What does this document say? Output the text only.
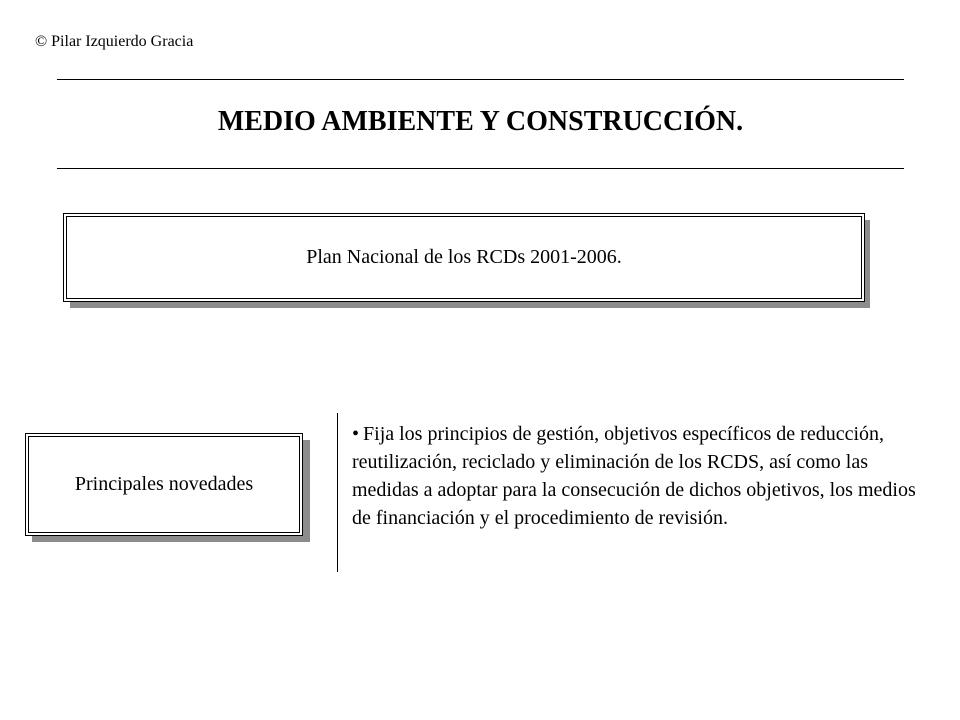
© Pilar Izquierdo Gracia
MEDIO AMBIENTE Y CONSTRUCCIÓN.
Plan Nacional de los RCDs 2001-2006.
Principales novedades
• Fija los principios de gestión, objetivos específicos de reducción, reutilización, reciclado y eliminación de los RCDS, así como las medidas a adoptar para la consecución de dichos objetivos, los medios de financiación y el procedimiento de revisión.
